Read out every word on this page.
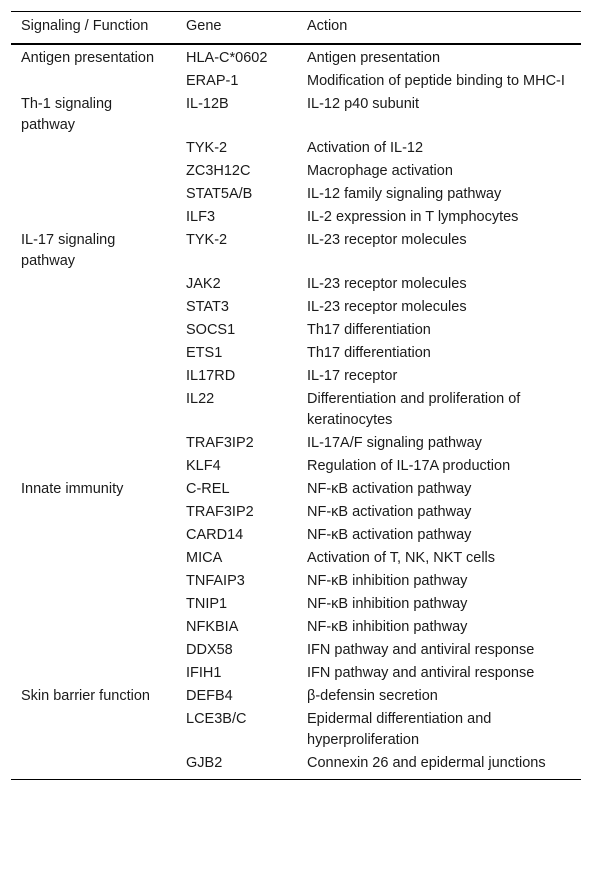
Signaling / Function	Gene	Action
Antigen presentation	HLA-C*0602	Antigen presentation
	ERAP-1	Modification of peptide binding to MHC-I
Th-1 signaling pathway	IL-12B	IL-12 p40 subunit
	TYK-2	Activation of IL-12
	ZC3H12C	Macrophage activation
	STAT5A/B	IL-12 family signaling pathway
	ILF3	IL-2 expression in T lymphocytes
IL-17 signaling pathway	TYK-2	IL-23 receptor molecules
	JAK2	IL-23 receptor molecules
	STAT3	IL-23 receptor molecules
	SOCS1	Th17 differentiation
	ETS1	Th17 differentiation
	IL17RD	IL-17 receptor
	IL22	Differentiation and proliferation of keratinocytes
	TRAF3IP2	IL-17A/F signaling pathway
	KLF4	Regulation of IL-17A production
Innate immunity	C-REL	NF-κB activation pathway
	TRAF3IP2	NF-κB activation pathway
	CARD14	NF-κB activation pathway
	MICA	Activation of T, NK, NKT cells
	TNFAIP3	NF-κB inhibition pathway
	TNIP1	NF-κB inhibition pathway
	NFKBIA	NF-κB inhibition pathway
	DDX58	IFN pathway and antiviral response
	IFIH1	IFN pathway and antiviral response
Skin barrier function	DEFB4	β-defensin secretion
	LCE3B/C	Epidermal differentiation and hyperproliferation
	GJB2	Connexin 26 and epidermal junctions
